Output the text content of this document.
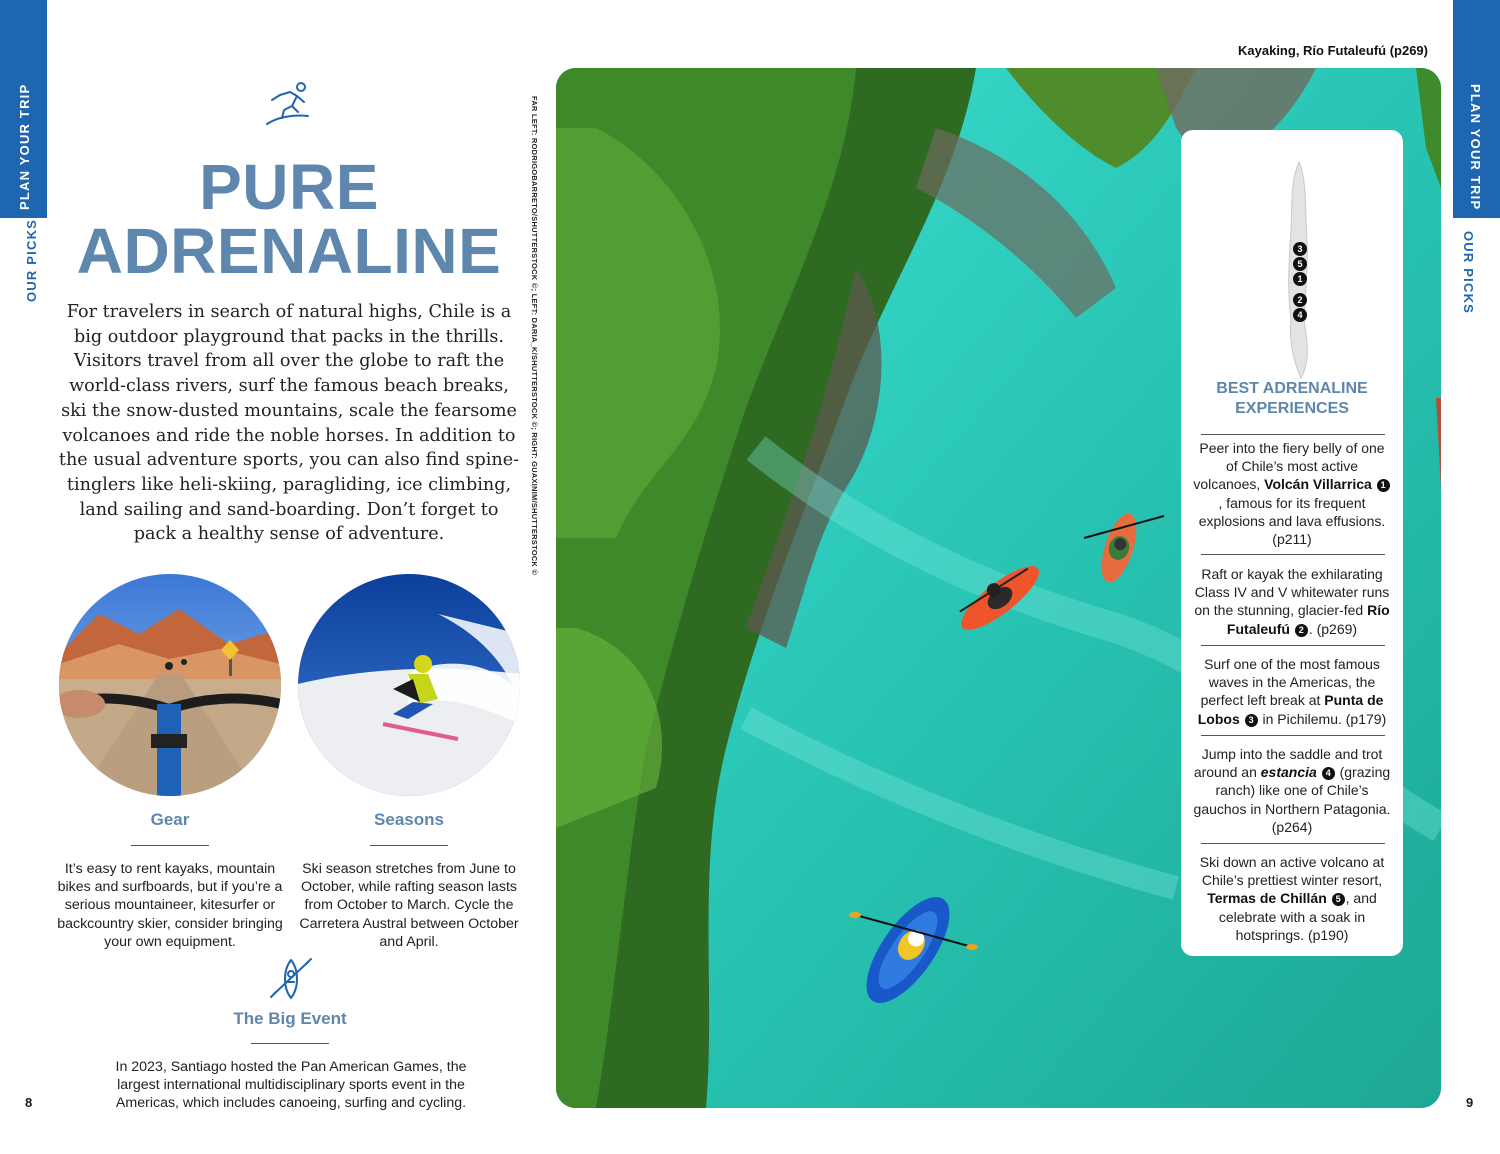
PLAN YOUR TRIP
OUR PICKS
PLAN YOUR TRIP
OUR PICKS
8	9
PURE
ADRENALINE
For travelers in search of natural highs, Chile is a big outdoor playground that packs in the thrills. Visitors travel from all over the globe to raft the world-class rivers, surf the famous beach breaks, ski the snow-dusted mountains, scale the fearsome volcanoes and ride the noble horses. In addition to the usual adventure sports, you can also find spine-tinglers like heli-skiing, paragliding, ice climbing, land sailing and sand-boarding. Don’t forget to pack a healthy sense of adventure.
Gear
It’s easy to rent kayaks, mountain bikes and surfboards, but if you’re a serious mountaineer, kitesurfer or backcountry skier, consider bringing your own equipment.
Seasons
Ski season stretches from June to October, while rafting season lasts from October to March. Cycle the Carretera Austral between October and April.
The Big Event
In 2023, Santiago hosted the Pan American Games, the largest international multidisciplinary sports event in the Americas, which includes canoeing, surfing and cycling.
FAR LEFT: RODRIGOBARRETO/SHUTTERSTOCK ©; LEFT: DARIA_K/SHUTTERSTOCK ©; RIGHT: GUAXINIM/SHUTTERSTOCK ©
Kayaking, Río Futaleufú (p269)
3
5
1
2
4
BEST ADRENALINE
EXPERIENCES
Peer into the fiery belly of one of Chile’s most active volcanoes, Volcán Villarrica 1, famous for its frequent explosions and lava effusions. (p211)
Raft or kayak the exhilarating Class IV and V whitewater runs on the stunning, glacier-fed Río Futaleufú 2 . (p269)
Surf one of the most famous waves in the Americas, the perfect left break at Punta de Lobos 3 in Pichilemu. (p179)
Jump into the saddle and trot around an estancia 4 (grazing ranch) like one of Chile’s gauchos in Northern Patagonia. (p264)
Ski down an active volcano at Chile’s prettiest winter resort, Termas de Chillán 5 , and celebrate with a soak in hotsprings. (p190)
